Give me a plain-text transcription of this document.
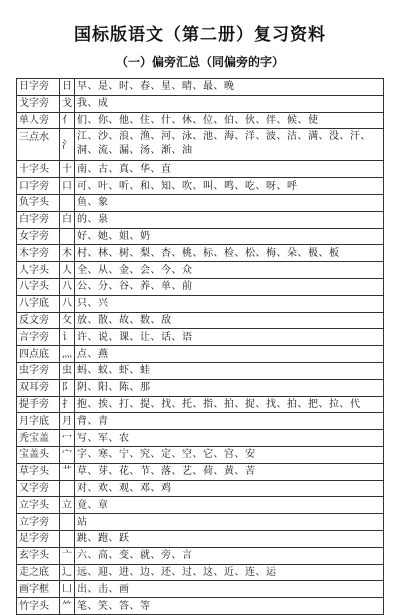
国标版语文（第二册）复习资料
（一）偏旁汇总（同偏旁的字）
日字旁	日	早、是、时、春、星、晴、最、晚
戈字旁	戈	我、成
单人旁	亻	们、你、他、住、什、休、位、伯、伙、伴、候、使
三点水	氵	江、沙、浪、渔、河、泳、池、海、洋、波、洁、满、没、汗、洞、流、漏、汤、渐、油
十字头	十	南、古、真、华、直
口字旁	口	可、叶、听、和、知、吹、叫、鸣、吃、呀、呼
负字头		鱼、象
白字旁	白	的、泉
女字旁		好、她、姐、奶
木字旁	木	村、林、树、梨、杏、桃、标、检、松、梅、朵、极、板
人字头	人	全、从、金、会、今、众
八字头	八	公、分、谷、养、单、前
八字底	八	只、兴
反文旁	攵	放、散、故、数、敌
言字旁	讠	许、说、课、让、话、语
四点底	灬	点、燕
虫字旁	虫	蚂、蚁、虾、蛙
双耳旁	阝	阴、阳、陈、那
提手旁	扌	抱、挨、打、提、找、托、指、拍、捉、找、拍、把、拉、代
月字底	月	背、青
秃宝盖	冖	写、军、农
宝盖头	宀	字、寒、宁、究、定、空、它、宫、安
草字头	艹	草、芽、花、节、落、艺、荷、黄、苦
又字旁		对、欢、观、邓、鸡
立字头	立	竟、章
立字旁		站
足字旁		跳、跑、跃
玄字头	亠	六、高、变、就、旁、言
走之底	辶	远、迎、进、边、还、过、这、近、连、运
画字框	凵	出、击、画
竹字头	⺮	笔、笑、答、等
